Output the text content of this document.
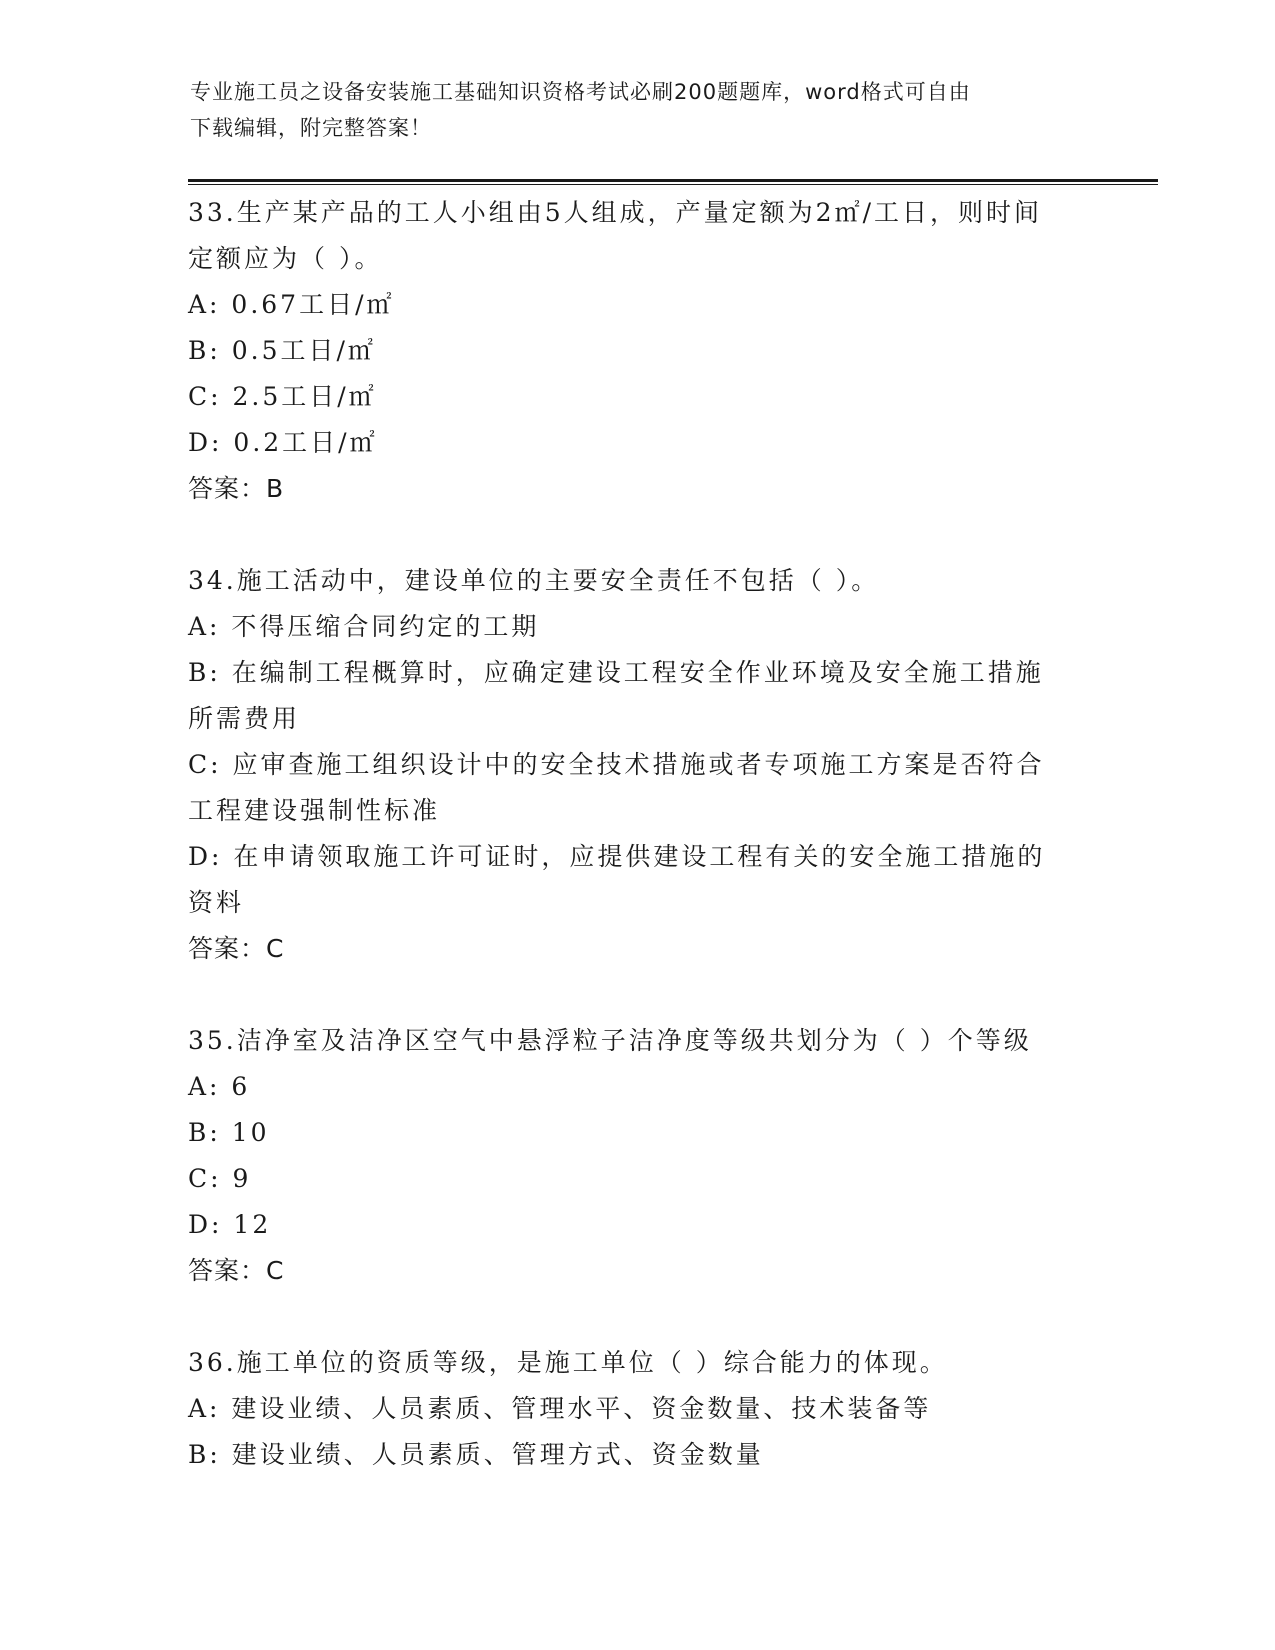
专业施工员之设备安装施工基础知识资格考试必刷200题题库，word格式可自由
下载编辑，附完整答案！
33.生产某产品的工人小组由5人组成，产量定额为2㎡/工日，则时间
定额应为（ ）。
A: 0.67工日/㎡
B: 0.5工日/㎡
C: 2.5工日/㎡
D: 0.2工日/㎡
答案：B
34.施工活动中，建设单位的主要安全责任不包括（ ）。
A: 不得压缩合同约定的工期
B: 在编制工程概算时，应确定建设工程安全作业环境及安全施工措施
所需费用
C: 应审查施工组织设计中的安全技术措施或者专项施工方案是否符合
工程建设强制性标准
D: 在申请领取施工许可证时，应提供建设工程有关的安全施工措施的
资料
答案：C
35.洁净室及洁净区空气中悬浮粒子洁净度等级共划分为（ ）个等级
A: 6
B: 10
C: 9
D: 12
答案：C
36.施工单位的资质等级，是施工单位（ ）综合能力的体现。
A: 建设业绩、人员素质、管理水平、资金数量、技术装备等
B: 建设业绩、人员素质、管理方式、资金数量
